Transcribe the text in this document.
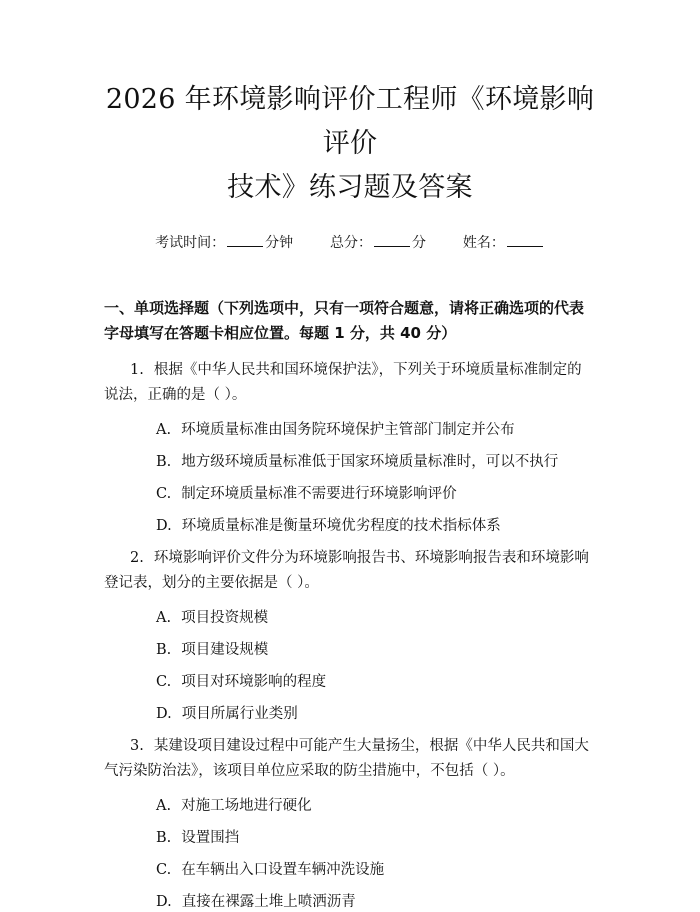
2026 年环境影响评价工程师《环境影响评价
技术》练习题及答案
考试时间：	分钟	总分：	分	姓名：
一、单项选择题（下列选项中，只有一项符合题意，请将正确选项的代表字母填写在答题卡相应位置。每题 1 分，共 40 分）
1. 根据《中华人民共和国环境保护法》，下列关于环境质量标准制定的说法，正确的是（ ）。
A. 环境质量标准由国务院环境保护主管部门制定并公布
B. 地方级环境质量标准低于国家环境质量标准时，可以不执行
C. 制定环境质量标准不需要进行环境影响评价
D. 环境质量标准是衡量环境优劣程度的技术指标体系
2. 环境影响评价文件分为环境影响报告书、环境影响报告表和环境影响登记表，划分的主要依据是（ ）。
A. 项目投资规模
B. 项目建设规模
C. 项目对环境影响的程度
D. 项目所属行业类别
3. 某建设项目建设过程中可能产生大量扬尘，根据《中华人民共和国大气污染防治法》，该项目单位应采取的防尘措施中，不包括（ ）。
A. 对施工场地进行硬化
B. 设置围挡
C. 在车辆出入口设置车辆冲洗设施
D. 直接在裸露土堆上喷洒沥青
